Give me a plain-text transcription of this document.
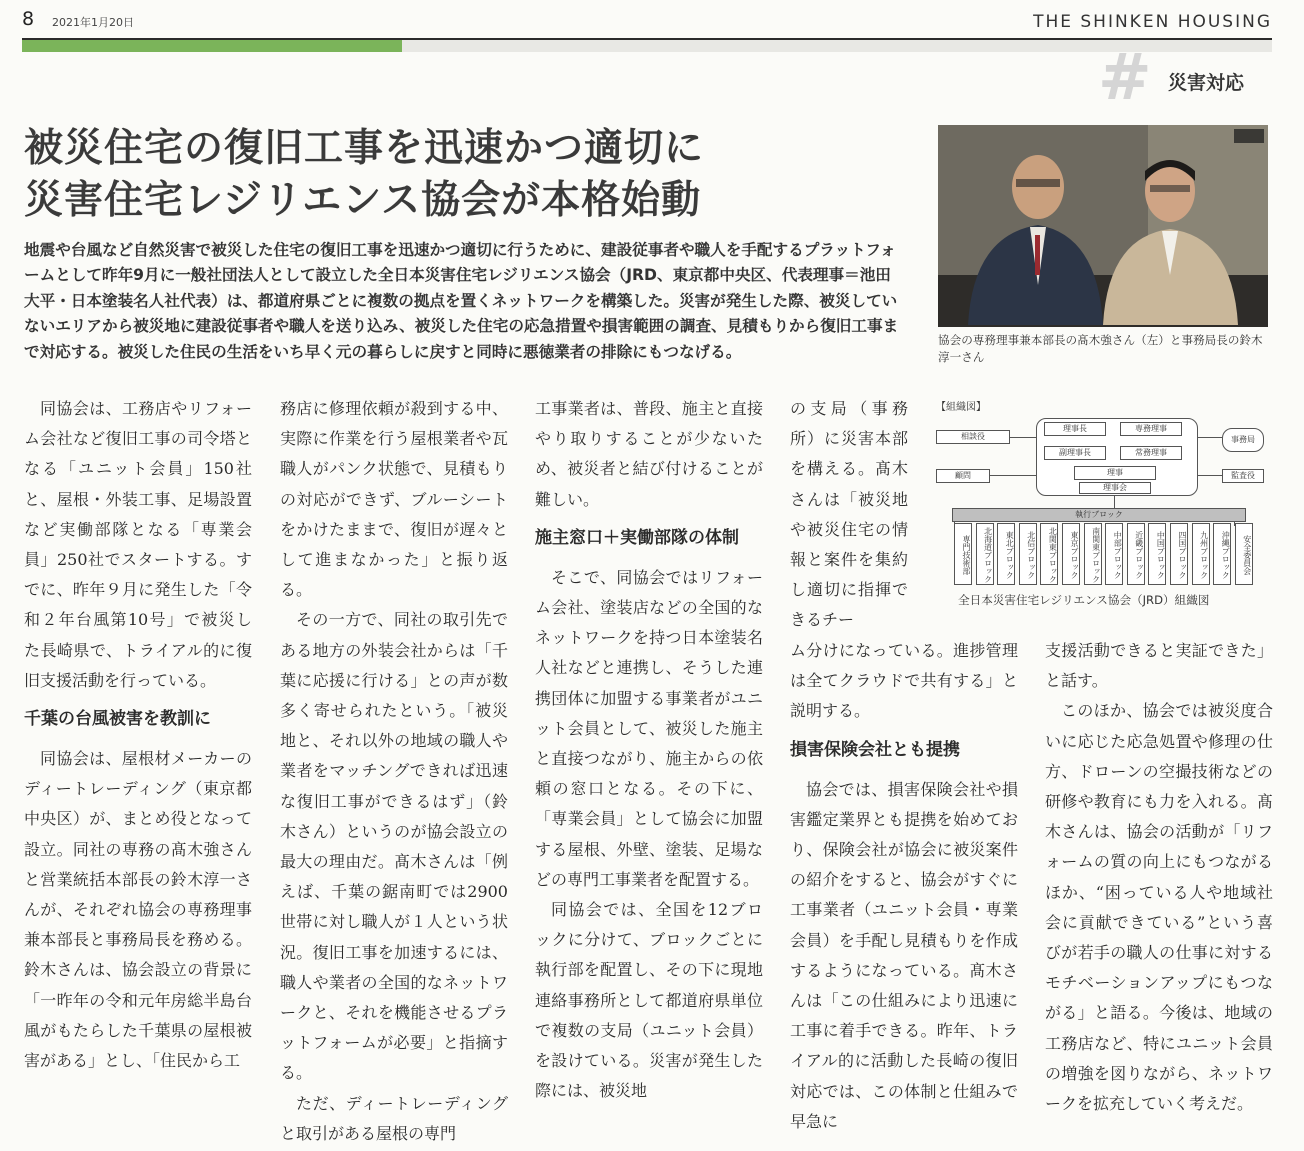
8 2021年1月20日	THE SHINKEN HOUSING
# 災害対応
被災住宅の復旧工事を迅速かつ適切に
災害住宅レジリエンス協会が本格始動
地震や台風など自然災害で被災した住宅の復旧工事を迅速かつ適切に行うために、建設従事者や職人を手配するプラットフォームとして昨年9月に一般社団法人として設立した全日本災害住宅レジリエンス協会（JRD、東京都中央区、代表理事＝池田大平・日本塗装名人社代表）は、都道府県ごとに複数の拠点を置くネットワークを構築した。災害が発生した際、被災していないエリアから被災地に建設従事者や職人を送り込み、被災した住宅の応急措置や損害範囲の調査、見積もりから復旧工事まで対応する。被災した住民の生活をいち早く元の暮らしに戻すと同時に悪徳業者の排除にもつなげる。
協会の専務理事兼本部長の髙木強さん（左）と事務局長の鈴木淳一さん

同協会は、工務店やリフォーム会社など復旧工事の司令塔となる「ユニット会員」150社と、屋根・外装工事、足場設置など実働部隊となる「専業会員」250社でスタートする。すでに、昨年９月に発生した「令和２年台風第10号」で被災した長崎県で、トライアル的に復旧支援活動を行っている。

千葉の台風被害を教訓に

同協会は、屋根材メーカーのディートレーディング（東京都中央区）が、まとめ役となって設立。同社の専務の髙木強さんと営業統括本部長の鈴木淳一さんが、それぞれ協会の専務理事兼本部長と事務局長を務める。鈴木さんは、協会設立の背景に「一昨年の令和元年房総半島台風がもたらした千葉県の屋根被害がある」とし、「住民から工

務店に修理依頼が殺到する中、実際に作業を行う屋根業者や瓦職人がパンク状態で、見積もりの対応ができず、ブルーシートをかけたままで、復旧が遅々として進まなかった」と振り返る。

その一方で、同社の取引先である地方の外装会社からは「千葉に応援に行ける」との声が数多く寄せられたという。「被災地と、それ以外の地域の職人や業者をマッチングできれば迅速な復旧工事ができるはず」（鈴木さん）というのが協会設立の最大の理由だ。髙木さんは「例えば、千葉の鋸南町では2900世帯に対し職人が１人という状況。復旧工事を加速するには、職人や業者の全国的なネットワークと、それを機能させるプラットフォームが必要」と指摘する。

ただ、ディートレーディングと取引がある屋根の専門

工事業者は、普段、施主と直接やり取りすることが少ないため、被災者と結び付けることが難しい。

施主窓口＋実働部隊の体制

そこで、同協会ではリフォーム会社、塗装店などの全国的なネットワークを持つ日本塗装名人社などと連携し、そうした連携団体に加盟する事業者がユニット会員として、被災した施主と直接つながり、施主からの依頼の窓口となる。その下に、「専業会員」として協会に加盟する屋根、外壁、塗装、足場などの専門工事業者を配置する。

同協会では、全国を12ブロックに分けて、ブロックごとに執行部を配置し、その下に現地連絡事務所として都道府県単位で複数の支局（ユニット会員）を設けている。災害が発生した際には、被災地

の支局（事務所）に災害本部を構える。髙木さんは「被災地や被災住宅の情報と案件を集約し適切に指揮できるチー

ム分けになっている。進捗管理は全てクラウドで共有する」と説明する。

損害保険会社とも提携

協会では、損害保険会社や損害鑑定業界とも提携を始めており、保険会社が協会に被災案件の紹介をすると、協会がすぐに工事業者（ユニット会員・専業会員）を手配し見積もりを作成するようになっている。髙木さんは「この仕組みにより迅速に工事に着手できる。昨年、トライアル的に活動した長崎の復旧対応では、この体制と仕組みで早急に

支援活動できると実証できた」と話す。

このほか、協会では被災度合いに応じた応急処置や修理の仕方、ドローンの空撮技術などの研修や教育にも力を入れる。髙木さんは、協会の活動が「リフォームの質の向上にもつながるほか、“困っている人や地域社会に貢献できている”という喜びが若手の職人の仕事に対するモチベーションアップにもつながる」と語る。今後は、地域の工務店など、特にユニット会員の増強を図りながら、ネットワークを拡充していく考えだ。

【組織図】
相談役
理事長	専務理事
事務局
副理事長	常務理事
理事
顧問	監査役
理事会
執行ブロック
専門技術部	北海道ブロック	東北ブロック	北信ブロック	北関東ブロック	東京ブロック	南関東ブロック	中部ブロック	近畿ブロック	中国ブロック	四国ブロック	九州ブロック	沖縄ブロック	安全委員会
全日本災害住宅レジリエンス協会（JRD）組織図
